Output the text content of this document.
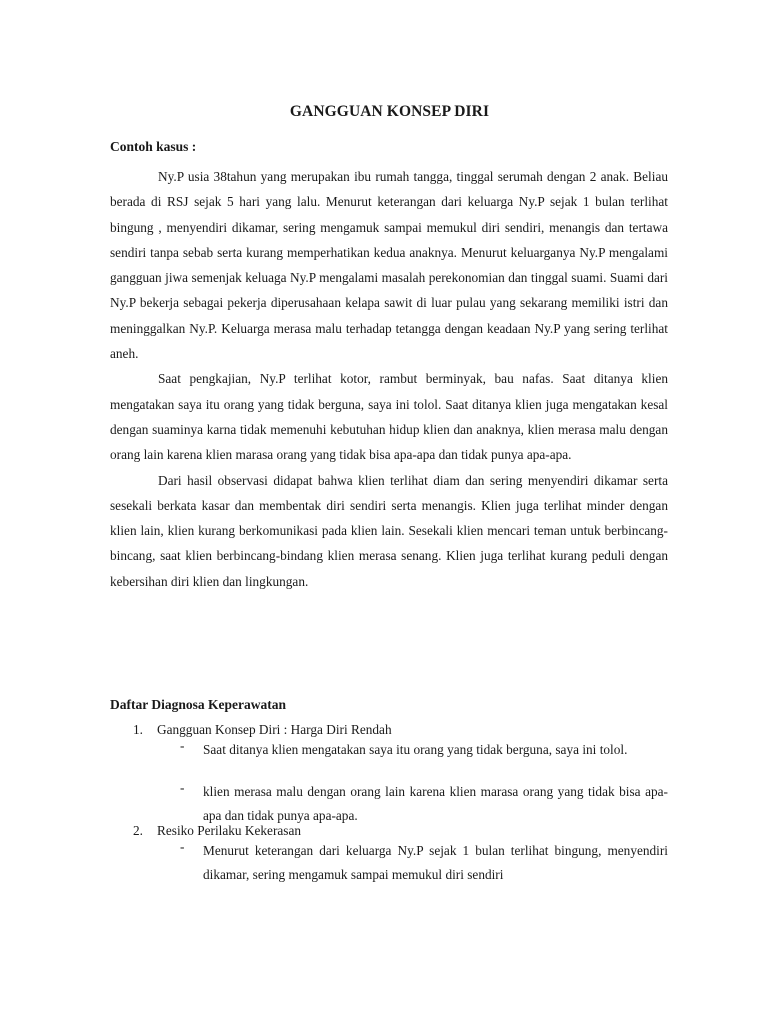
GANGGUAN KONSEP DIRI
Contoh kasus :

Ny.P usia 38tahun yang merupakan ibu rumah tangga, tinggal serumah dengan 2 anak. Beliau berada di RSJ sejak 5 hari yang lalu. Menurut keterangan dari keluarga Ny.P sejak 1 bulan terlihat bingung , menyendiri dikamar, sering mengamuk sampai memukul diri sendiri, menangis dan tertawa sendiri tanpa sebab serta kurang memperhatikan kedua anaknya. Menurut keluarganya Ny.P mengalami gangguan jiwa semenjak keluaga Ny.P mengalami masalah perekonomian dan tinggal suami. Suami dari Ny.P bekerja sebagai pekerja diperusahaan kelapa sawit di luar pulau yang sekarang memiliki istri dan meninggalkan Ny.P. Keluarga merasa malu terhadap tetangga dengan keadaan Ny.P yang sering terlihat aneh.

Saat pengkajian, Ny.P terlihat kotor, rambut berminyak, bau nafas. Saat ditanya klien mengatakan saya itu orang yang tidak berguna, saya ini tolol. Saat ditanya klien juga mengatakan kesal dengan suaminya karna tidak memenuhi kebutuhan hidup klien dan anaknya, klien merasa malu dengan orang lain karena klien marasa orang yang tidak bisa apa-apa dan tidak punya apa-apa.

Dari hasil observasi didapat bahwa klien terlihat diam dan sering menyendiri dikamar serta sesekali berkata kasar dan membentak diri sendiri serta menangis. Klien juga terlihat minder dengan klien lain, klien kurang berkomunikasi pada klien lain. Sesekali klien mencari teman untuk berbincang-bincang, saat klien berbincang-bindang klien merasa senang. Klien juga terlihat kurang peduli dengan kebersihan diri klien dan lingkungan.

Daftar Diagnosa Keperawatan
1. Gangguan Konsep Diri : Harga Diri Rendah
- Saat ditanya klien mengatakan saya itu orang yang tidak berguna, saya ini tolol.
- klien merasa malu dengan orang lain karena klien marasa orang yang tidak bisa apa-apa dan tidak punya apa-apa.
2. Resiko Perilaku Kekerasan
- Menurut keterangan dari keluarga Ny.P sejak 1 bulan terlihat bingung, menyendiri dikamar, sering mengamuk sampai memukul diri sendiri
